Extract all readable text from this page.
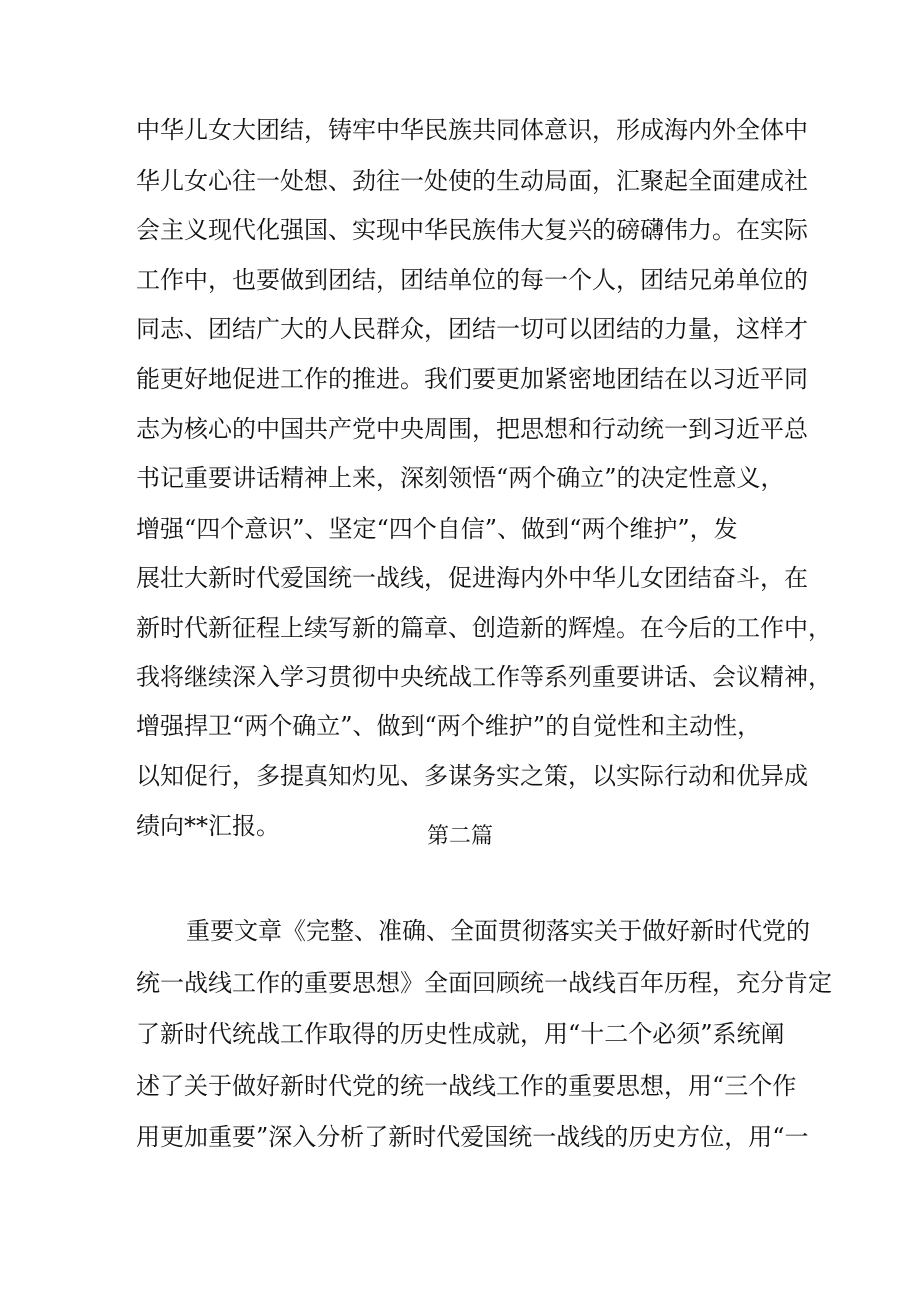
中华儿女大团结，铸牢中华民族共同体意识，形成海内外全体中
华儿女心往一处想、劲往一处使的生动局面，汇聚起全面建成社
会主义现代化强国、实现中华民族伟大复兴的磅礴伟力。在实际
工作中，也要做到团结，团结单位的每一个人，团结兄弟单位的
同志、团结广大的人民群众，团结一切可以团结的力量，这样才
能更好地促进工作的推进。我们要更加紧密地团结在以习近平同
志为核心的中国共产党中央周围，把思想和行动统一到习近平总
书记重要讲话精神上来，深刻领悟“两个确立”的决定性意义，
增强“四个意识”、坚定“四个自信”、做到“两个维护”，发
展壮大新时代爱国统一战线，促进海内外中华儿女团结奋斗，在
新时代新征程上续写新的篇章、创造新的辉煌。在今后的工作中，
我将继续深入学习贯彻中央统战工作等系列重要讲话、会议精神，
增强捍卫“两个确立”、做到“两个维护”的自觉性和主动性，
以知促行，多提真知灼见、多谋务实之策，以实际行动和优异成
绩向**汇报。	第二篇
重要文章《完整、准确、全面贯彻落实关于做好新时代党的
统一战线工作的重要思想》全面回顾统一战线百年历程，充分肯定
了新时代统战工作取得的历史性成就，用“十二个必须”系统阐
述了关于做好新时代党的统一战线工作的重要思想，用“三个作
用更加重要”深入分析了新时代爱国统一战线的历史方位，用“一
